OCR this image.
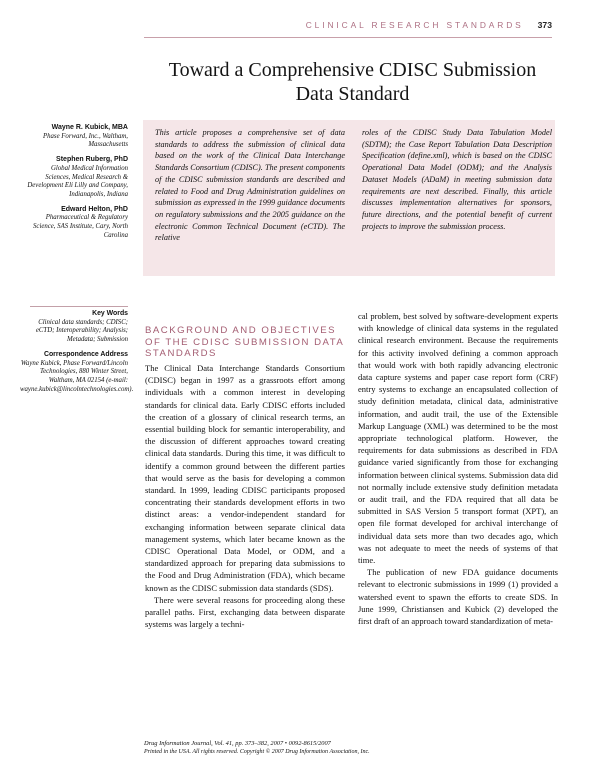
CLINICAL RESEARCH STANDARDS 373
Toward a Comprehensive CDISC Submission Data Standard
Wayne R. Kubick, MBA
Phase Forward, Inc., Waltham, Massachusetts
Stephen Ruberg, PhD
Global Medical Information Sciences, Medical Research & Development Eli Lilly and Company, Indianapolis, Indiana
Edward Helton, PhD
Pharmaceutical & Regulatory Science, SAS Institute, Cary, North Carolina

This article proposes a comprehensive set of data standards to address the submission of clinical data based on the work of the Clinical Data Interchange Standards Consortium (CDISC). The present components of the CDISC submission standards are described and related to Food and Drug Administration guidelines on submission as expressed in the 1999 guidance documents on regulatory submissions and the 2005 guidance on the electronic Common Technical Document (eCTD). The relative

roles of the CDISC Study Data Tabulation Model (SDTM); the Case Report Tabulation Data Description Specification (define.xml), which is based on the CDISC Operational Data Model (ODM); and the Analysis Dataset Models (ADaM) in meeting submission data requirements are next described. Finally, this article discusses implementation alternatives for sponsors, future directions, and the potential benefit of current projects to improve the submission process.

Key Words
Clinical data standards; CDISC; eCTD; Interoperability; Analysis; Metadata; Submission
Correspondence Address
Wayne Kubick, Phase Forward/Lincoln Technologies, 880 Winter Street, Waltham, MA 02154 (e-mail: wayne.kubick@lincolntechnologies.com).
BACKGROUND AND OBJECTIVES OF THE CDISC SUBMISSION DATA STANDARDS

The Clinical Data Interchange Standards Consortium (CDISC) began in 1997 as a grassroots effort among individuals with a common interest in developing standards for clinical data. Early CDISC efforts included the creation of a glossary of clinical research terms, an essential building block for semantic interoperability, and the discussion of different approaches toward creating clinical data standards. During this time, it was difficult to identify a common ground between the different parties that would serve as the basis for developing a common standard. In 1999, leading CDISC participants proposed concentrating their standards development efforts in two distinct areas: a vendor-independent standard for exchanging information between separate clinical data management systems, which later became known as the CDISC Operational Data Model, or ODM, and a standardized approach for preparing data submissions to the Food and Drug Administration (FDA), which became known as the CDISC submission data standards (SDS).

There were several reasons for proceeding along these parallel paths. First, exchanging data between disparate systems was largely a techni-

cal problem, best solved by software-development experts with knowledge of clinical data systems in the regulated clinical research environment. Because the requirements for this activity involved defining a common approach that would work with both rapidly advancing electronic data capture systems and paper case report form (CRF) entry systems to exchange an encapsulated collection of study definition metadata, clinical data, administrative information, and audit trail, the use of the Extensible Markup Language (XML) was determined to be the most appropriate technological platform. However, the requirements for data submissions as described in FDA guidance varied significantly from those for exchanging information between clinical systems. Submission data did not normally include extensive study definition metadata or audit trail, and the FDA required that all data be submitted in SAS Version 5 transport format (XPT), an open file format developed for archival interchange of individual data sets more than two decades ago, which was not adequate to meet the needs of systems of that time.

The publication of new FDA guidance documents relevant to electronic submissions in 1999 (1) provided a watershed event to spawn the efforts to create SDS. In June 1999, Christiansen and Kubick (2) developed the first draft of an approach toward standardization of meta-

Drug Information Journal, Vol. 41, pp. 373–382, 2007 • 0092-8615/2007
Printed in the USA. All rights reserved. Copyright © 2007 Drug Information Association, Inc.
